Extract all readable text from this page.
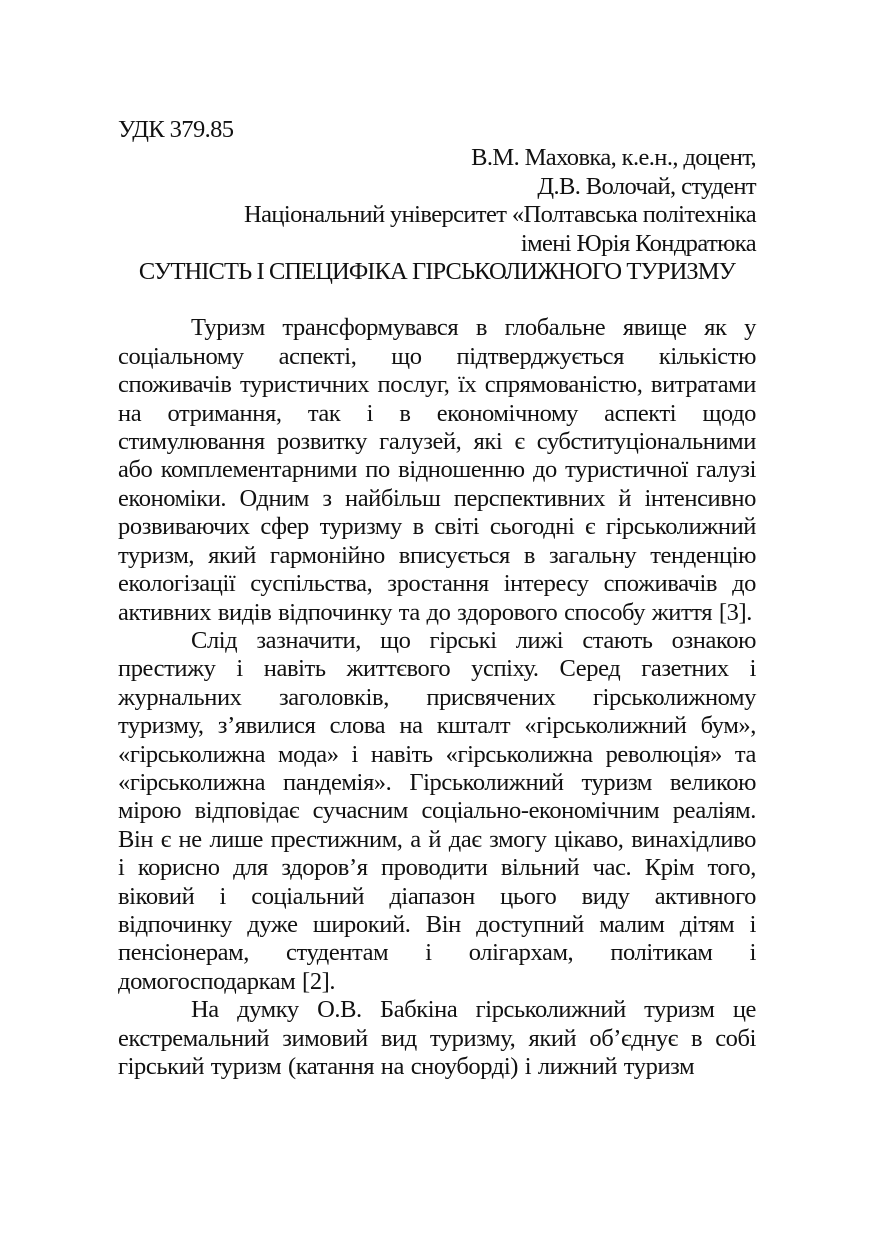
УДК 379.85

В.М. Маховка, к.е.н., доцент,

Д.В. Волочай, студент

Національний університет «Полтавська політехніка

імені Юрія Кондратюка

СУТНІСТЬ І СПЕЦИФІКА ГІРСЬКОЛИЖНОГО ТУРИЗМУ

Туризм трансформувався в глобальне явище як у соціальному аспекті, що підтверджується кількістю споживачів туристичних послуг, їх спрямованістю, витратами на отримання, так і в економічному аспекті щодо стимулювання розвитку галузей, які є субституціональними або комплементарними по відношенню до туристичної галузі економіки. Одним з найбільш перспективних й інтенсивно розвиваючих сфер туризму в світі сьогодні є гірськолижний туризм, який гармонійно вписується в загальну тенденцію екологізації суспільства, зростання інтересу споживачів до активних видів відпочинку та до здорового способу життя [3].

Слід зазначити, що гірські лижі стають ознакою престижу і навіть життєвого успіху. Серед газетних і журнальних заголовків, присвячених гірськолижному туризму, з’явилися слова на кшталт «гірськолижний бум», «гірськолижна мода» і навіть «гірськолижна революція» та «гірськолижна пандемія». Гірськолижний туризм великою мірою відповідає сучасним соціально-економічним реаліям. Він є не лише престижним, а й дає змогу цікаво, винахідливо і корисно для здоров’я проводити вільний час. Крім того, віковий і соціальний діапазон цього виду активного відпочинку дуже широкий. Він доступний малим дітям і пенсіонерам, студентам і олігархам, політикам і домогосподаркам [2].

На думку О.В. Бабкіна гірськолижний туризм це екстремальний зимовий вид туризму, який об’єднує в собі гірський туризм (катання на сноуборді) і лижний туризм
